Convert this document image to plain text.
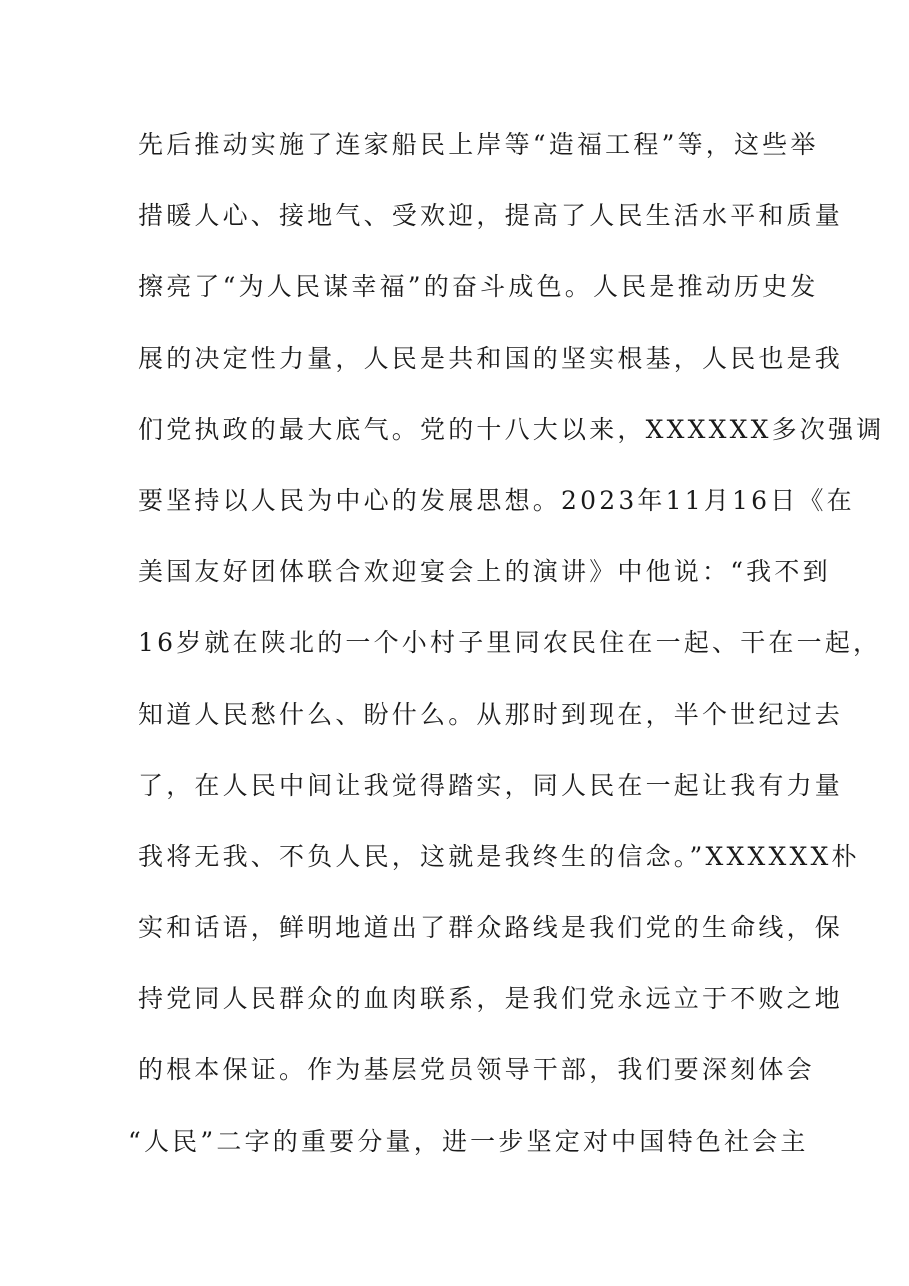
先后推动实施了连家船民上岸等“造福工程”等，这些举
措暖人心、接地气、受欢迎，提高了人民生活水平和质量
擦亮了“为人民谋幸福”的奋斗成色。人民是推动历史发
展的决定性力量，人民是共和国的坚实根基，人民也是我
们党执政的最大底气。党的十八大以来，XXXXXX多次强调
要坚持以人民为中心的发展思想。2023年11月16日《在
美国友好团体联合欢迎宴会上的演讲》中他说：“我不到
16岁就在陕北的一个小村子里同农民住在一起、干在一起，
知道人民愁什么、盼什么。从那时到现在，半个世纪过去
了，在人民中间让我觉得踏实，同人民在一起让我有力量
我将无我、不负人民，这就是我终生的信念。”XXXXXX朴
实和话语，鲜明地道出了群众路线是我们党的生命线，保
持党同人民群众的血肉联系，是我们党永远立于不败之地
的根本保证。作为基层党员领导干部，我们要深刻体会
“人民”二字的重要分量，进一步坚定对中国特色社会主
